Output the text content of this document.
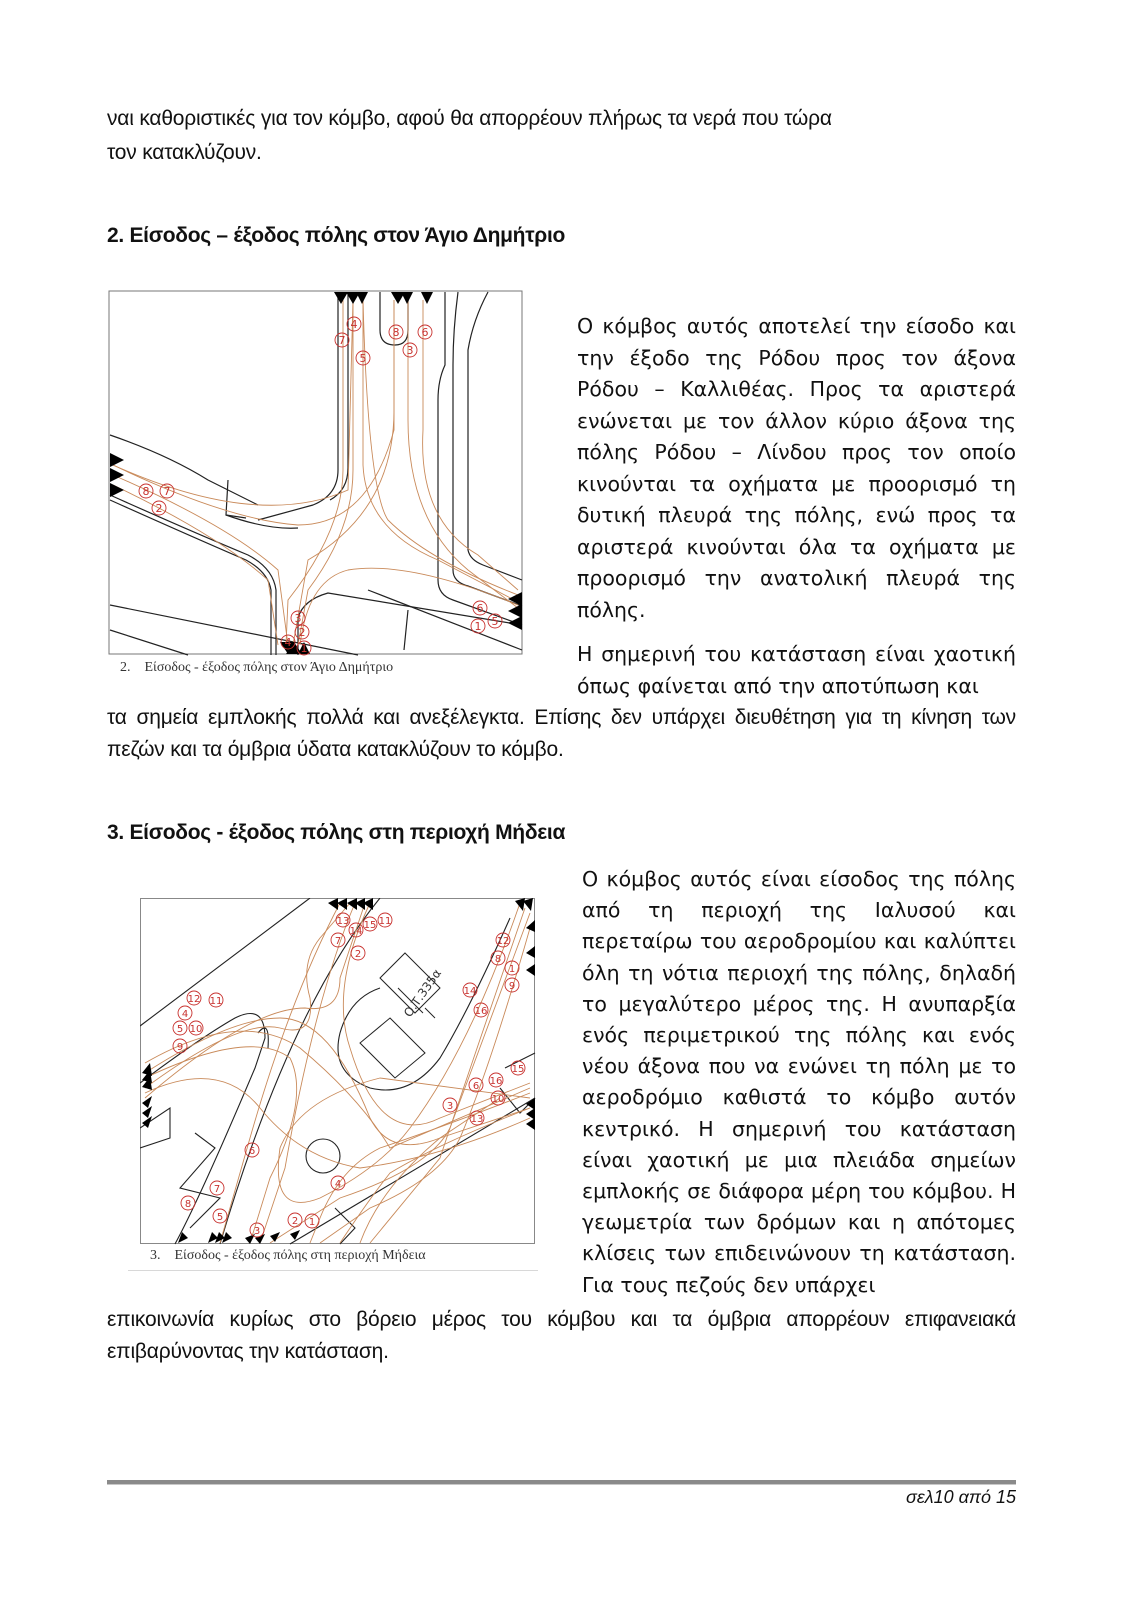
ναι καθοριστικές για τον κόμβο, αφού θα απορρέουν πλήρως τα νερά που τώρα

τον κατακλύζουν.

2. Είσοδος – έξοδος πόλης στον Άγιο Δημήτριο
4
7
5
8 6
3
8 7
2
6
5
1
3
2
4 1
2. Είσοδος - έξοδος πόλης στον Άγιο Δημήτριο

Ο κόμβος αυτός αποτελεί την είσοδο και την έξοδο της Ρόδου προς τον άξονα Ρόδου – Καλλιθέας. Προς τα αριστερά ενώνεται με τον άλλον κύριο άξονα της πόλης Ρόδου – Λίνδου προς τον οποίο κινούνται τα οχήματα με προορισμό τη δυτική πλευρά της πόλης, ενώ προς τα αριστερά κινούνται όλα τα οχήματα με προορισμό την ανατολική πλευρά της πόλης.

Η σημερινή του κατάσταση είναι χαοτική όπως φαίνεται από την αποτύπωση και

τα σημεία εμπλοκής πολλά και ανεξέλεγκτα. Επίσης δεν υπάρχει διευθέτηση για τη κίνηση των πεζών και τα όμβρια ύδατα κατακλύζουν το κόμβο.

3. Είσοδος - έξοδος πόλης στη περιοχή Μήδεια
Ο.Τ.335α
13
14
15 11
7
2
12 11
4
5 10
9
12
8
1
9
14
16
15
16
6
10
3
13
6
4
7
8
5
3
2 1
3. Είσοδος - έξοδος πόλης στη περιοχή Μήδεια

Ο κόμβος αυτός είναι είσοδος της πόλης από τη περιοχή της Ιαλυσού και περεταίρω του αεροδρομίου και καλύπτει όλη τη νότια περιοχή της πόλης, δηλαδή το μεγαλύτερο μέρος της. Η ανυπαρξία ενός περιμετρικού της πόλης και ενός νέου άξονα που να ενώνει τη πόλη με το αεροδρόμιο καθιστά το κόμβο αυτόν κεντρικό. Η σημερινή του κατάσταση είναι χαοτική με μια πλειάδα σημείων εμπλοκής σε διάφορα μέρη του κόμβου. Η γεωμετρία των δρόμων και η απότομες κλίσεις των επιδεινώνουν τη κατάσταση. Για τους πεζούς δεν υπάρχει

επικοινωνία κυρίως στο βόρειο μέρος του κόμβου και τα όμβρια απορρέουν επιφανειακά επιβαρύνοντας την κατάσταση.

σελ10 από 15
